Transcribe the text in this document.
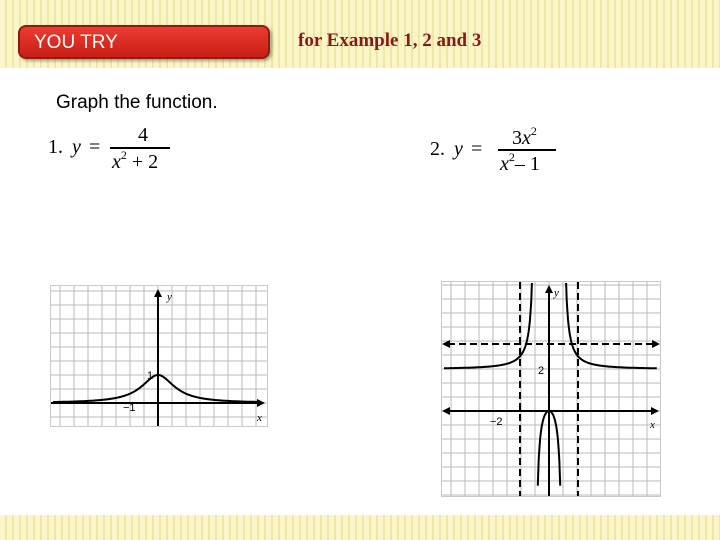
YOU TRY	for Example 1, 2 and 3
Graph the function.
1. y =
4
$x^2 + 2$
2. $y = 3x^2$
$x^2-$ 1
y
x
1
−1
y
x
2
−2
